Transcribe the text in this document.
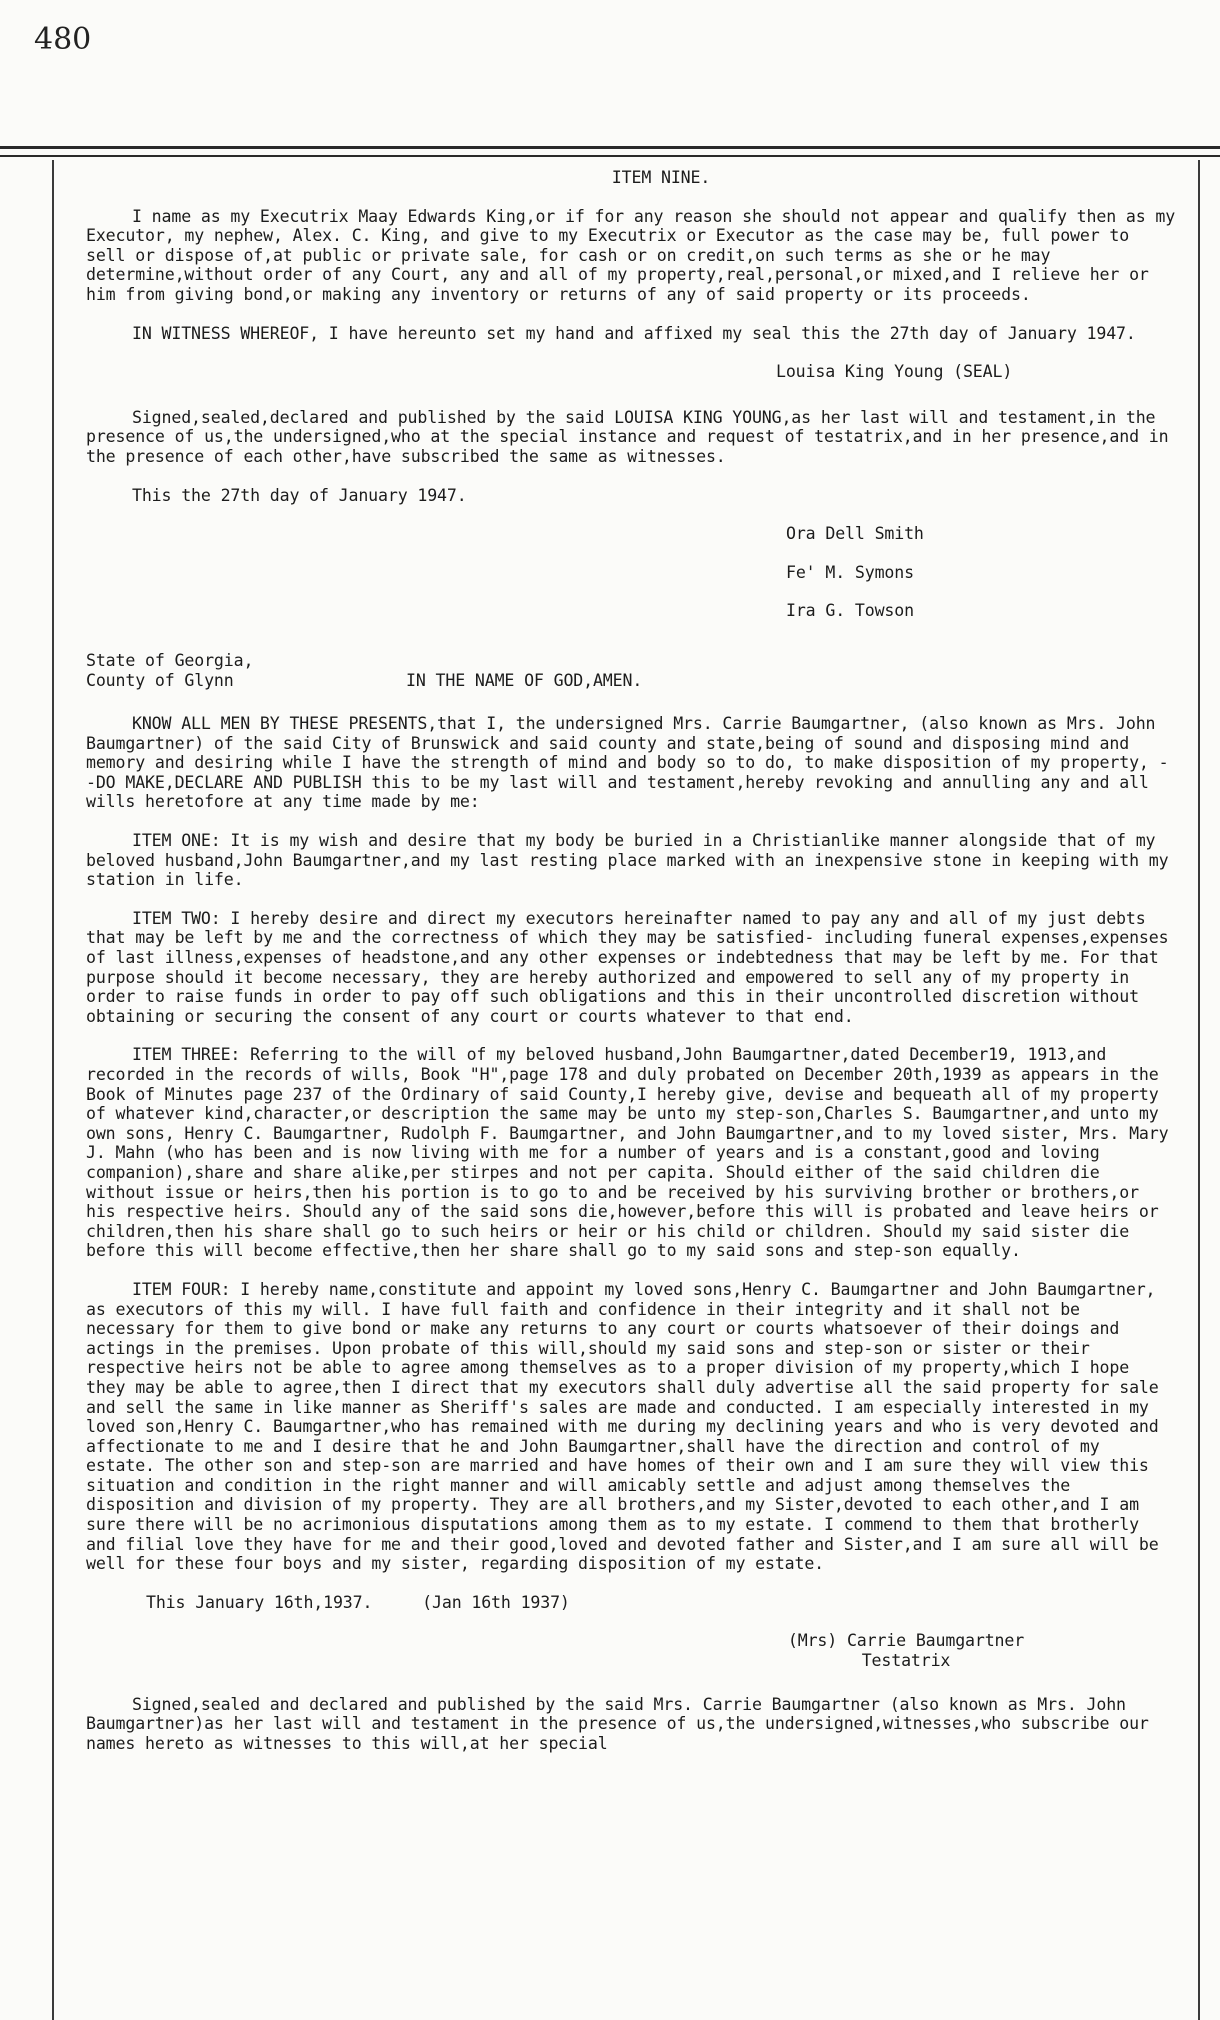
480

ITEM NINE.

I name as my Executrix Maay Edwards King,or if for any reason she should not appear and qualify then as my Executor, my nephew, Alex. C. King, and give to my Executrix or Executor as the case may be, full power to sell or dispose of,at public or private sale, for cash or on credit,on such terms as she or he may determine,without order of any Court, any and all of my property,real,personal,or mixed,and I relieve her or him from giving bond,or making any inventory or returns of any of said property or its proceeds.

IN WITNESS WHEREOF, I have hereunto set my hand and affixed my seal this the 27th day of January 1947.

Louisa King Young (SEAL)

Signed,sealed,declared and published by the said LOUISA KING YOUNG,as her last will and testament,in the presence of us,the undersigned,who at the special instance and request of testatrix,and in her presence,and in the presence of each other,have subscribed the same as witnesses.

This the 27th day of January 1947.

Ora Dell Smith

Fe' M. Symons

Ira G. Towson

State of Georgia,
County of Glynn	IN THE NAME OF GOD,AMEN.

KNOW ALL MEN BY THESE PRESENTS,that I, the undersigned Mrs. Carrie Baumgartner, (also known as Mrs. John Baumgartner) of the said City of Brunswick and said county and state,being of sound and disposing mind and memory and desiring while I have the strength of mind and body so to do, to make disposition of my property, --DO MAKE,DECLARE AND PUBLISH this to be my last will and testament,hereby revoking and annulling any and all wills heretofore at any time made by me:

ITEM ONE: It is my wish and desire that my body be buried in a Christianlike manner alongside that of my beloved husband,John Baumgartner,and my last resting place marked with an inexpensive stone in keeping with my station in life.

ITEM TWO: I hereby desire and direct my executors hereinafter named to pay any and all of my just debts that may be left by me and the correctness of which they may be satisfied- including funeral expenses,expenses of last illness,expenses of headstone,and any other expenses or indebtedness that may be left by me. For that purpose should it become necessary, they are hereby authorized and empowered to sell any of my property in order to raise funds in order to pay off such obligations and this in their uncontrolled discretion without obtaining or securing the consent of any court or courts whatever to that end.

ITEM THREE: Referring to the will of my beloved husband,John Baumgartner,dated December19, 1913,and recorded in the records of wills, Book "H",page 178 and duly probated on December 20th,1939 as appears in the Book of Minutes page 237 of the Ordinary of said County,I hereby give, devise and bequeath all of my property of whatever kind,character,or description the same may be unto my step-son,Charles S. Baumgartner,and unto my own sons, Henry C. Baumgartner, Rudolph F. Baumgartner, and John Baumgartner,and to my loved sister, Mrs. Mary J. Mahn (who has been and is now living with me for a number of years and is a constant,good and loving companion),share and share alike,per stirpes and not per capita. Should either of the said children die without issue or heirs,then his portion is to go to and be received by his surviving brother or brothers,or his respective heirs. Should any of the said sons die,however,before this will is probated and leave heirs or children,then his share shall go to such heirs or heir or his child or children. Should my said sister die before this will become effective,then her share shall go to my said sons and step-son equally.

ITEM FOUR: I hereby name,constitute and appoint my loved sons,Henry C. Baumgartner and John Baumgartner, as executors of this my will. I have full faith and confidence in their integrity and it shall not be necessary for them to give bond or make any returns to any court or courts whatsoever of their doings and actings in the premises. Upon probate of this will,should my said sons and step-son or sister or their respective heirs not be able to agree among themselves as to a proper division of my property,which I hope they may be able to agree,then I direct that my executors shall duly advertise all the said property for sale and sell the same in like manner as Sheriff's sales are made and conducted. I am especially interested in my loved son,Henry C. Baumgartner,who has remained with me during my declining years and who is very devoted and affectionate to me and I desire that he and John Baumgartner,shall have the direction and control of my estate. The other son and step-son are married and have homes of their own and I am sure they will view this situation and condition in the right manner and will amicably settle and adjust among themselves the disposition and division of my property. They are all brothers,and my Sister,devoted to each other,and I am sure there will be no acrimonious disputations among them as to my estate. I commend to them that brotherly and filial love they have for me and their good,loved and devoted father and Sister,and I am sure all will be well for these four boys and my sister, regarding disposition of my estate.

This January 16th,1937.	(Jan 16th 1937)

(Mrs) Carrie Baumgartner
Testatrix

Signed,sealed and declared and published by the said Mrs. Carrie Baumgartner (also known as Mrs. John Baumgartner)as her last will and testament in the presence of us,the undersigned,witnesses,who subscribe our names hereto as witnesses to this will,at her special
